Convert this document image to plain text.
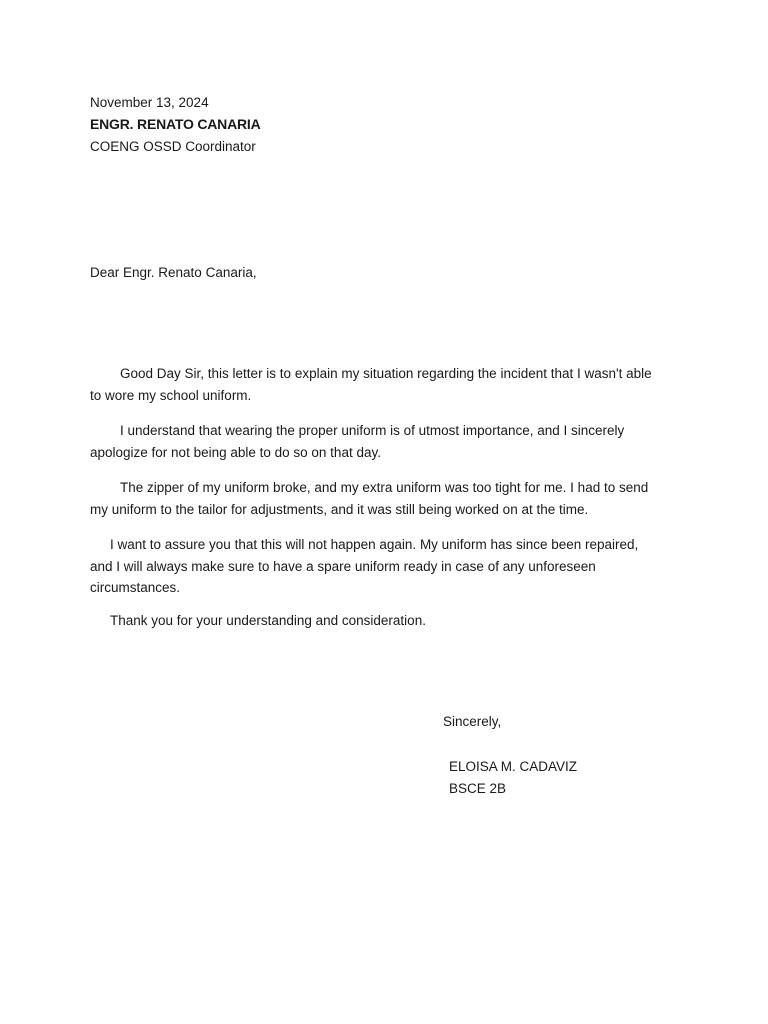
November 13, 2024
ENGR. RENATO CANARIA
COENG OSSD Coordinator
Dear Engr. Renato Canaria,
Good Day Sir, this letter is to explain my situation regarding the incident that I wasn't able
to wore my school uniform.
I understand that wearing the proper uniform is of utmost importance, and I sincerely
apologize for not being able to do so on that day.
The zipper of my uniform broke, and my extra uniform was too tight for me. I had to send
my uniform to the tailor for adjustments, and it was still being worked on at the time.
I want to assure you that this will not happen again. My uniform has since been repaired,
and I will always make sure to have a spare uniform ready in case of any unforeseen
circumstances.
Thank you for your understanding and consideration.
Sincerely,
ELOISA M. CADAVIZ
BSCE 2B
